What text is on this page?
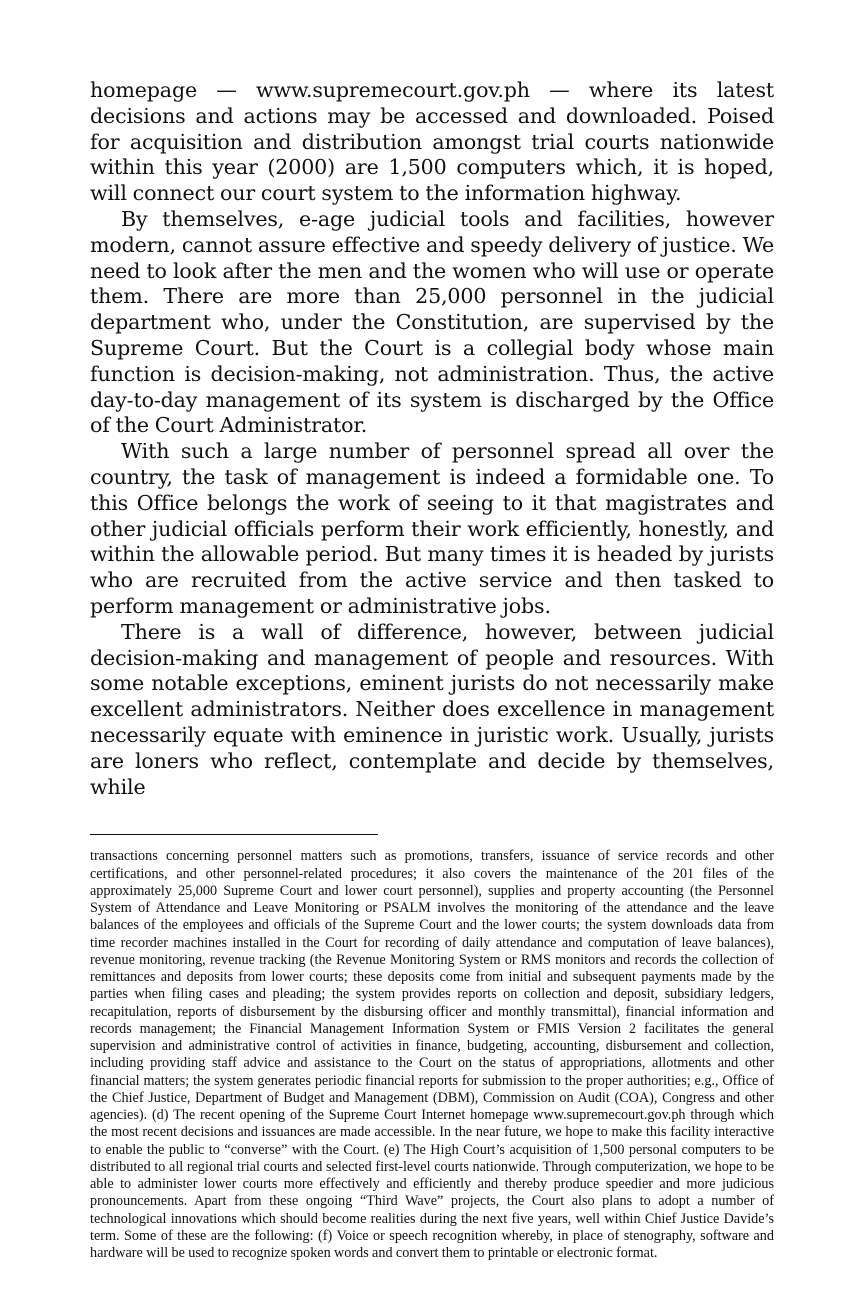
homepage — www.supremecourt.gov.ph — where its latest decisions and actions may be accessed and downloaded. Poised for acquisition and distribution amongst trial courts nationwide within this year (2000) are 1,500 computers which, it is hoped, will connect our court system to the information highway.

By themselves, e-age judicial tools and facilities, however modern, cannot assure effective and speedy delivery of justice. We need to look after the men and the women who will use or operate them. There are more than 25,000 personnel in the judicial department who, under the Constitution, are supervised by the Supreme Court. But the Court is a collegial body whose main function is decision-making, not administration. Thus, the active day-to-day management of its system is discharged by the Office of the Court Administrator.

With such a large number of personnel spread all over the country, the task of management is indeed a formidable one. To this Office belongs the work of seeing to it that magistrates and other judicial officials perform their work efficiently, honestly, and within the allowable period. But many times it is headed by jurists who are recruited from the active service and then tasked to perform management or administrative jobs.

There is a wall of difference, however, between judicial decision-making and management of people and resources. With some notable exceptions, eminent jurists do not necessarily make excellent administrators. Neither does excellence in management necessarily equate with eminence in juristic work. Usually, jurists are loners who reflect, contemplate and decide by themselves, while

transactions concerning personnel matters such as promotions, transfers, issuance of service records and other certifications, and other personnel-related procedures; it also covers the maintenance of the 201 files of the approximately 25,000 Supreme Court and lower court personnel), supplies and property accounting (the Personnel System of Attendance and Leave Monitoring or PSALM involves the monitoring of the attendance and the leave balances of the employees and officials of the Supreme Court and the lower courts; the system downloads data from time recorder machines installed in the Court for recording of daily attendance and computation of leave balances), revenue monitoring, revenue tracking (the Revenue Monitoring System or RMS monitors and records the collection of remittances and deposits from lower courts; these deposits come from initial and subsequent payments made by the parties when filing cases and pleading; the system provides reports on collection and deposit, subsidiary ledgers, recapitulation, reports of disbursement by the disbursing officer and monthly transmittal), financial information and records management; the Financial Management Information System or FMIS Version 2 facilitates the general supervision and administrative control of activities in finance, budgeting, accounting, disbursement and collection, including providing staff advice and assistance to the Court on the status of appropriations, allotments and other financial matters; the system generates periodic financial reports for submission to the proper authorities; e.g., Office of the Chief Justice, Department of Budget and Management (DBM), Commission on Audit (COA), Congress and other agencies). (d) The recent opening of the Supreme Court Internet homepage www.supremecourt.gov.ph through which the most recent decisions and issuances are made accessible. In the near future, we hope to make this facility interactive to enable the public to “converse” with the Court. (e) The High Court’s acquisition of 1,500 personal computers to be distributed to all regional trial courts and selected first-level courts nationwide. Through computerization, we hope to be able to administer lower courts more effectively and efficiently and thereby produce speedier and more judicious pronouncements. Apart from these ongoing “Third Wave” projects, the Court also plans to adopt a number of technological innovations which should become realities during the next five years, well within Chief Justice Davide’s term. Some of these are the following: (f) Voice or speech recognition whereby, in place of stenography, software and hardware will be used to recognize spoken words and convert them to printable or electronic format.
